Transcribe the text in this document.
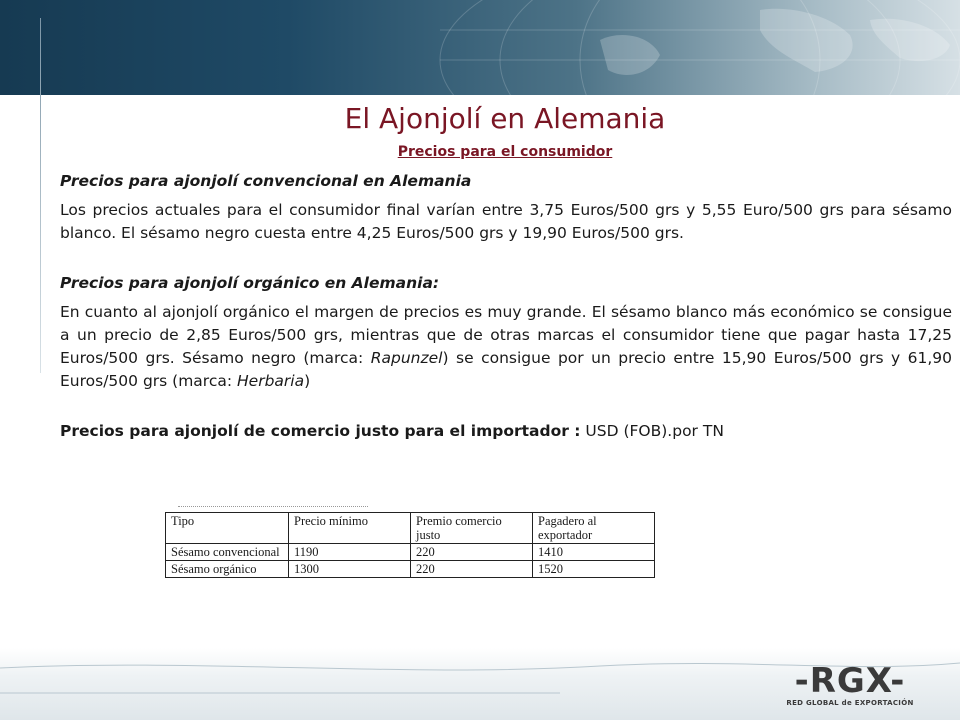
El Ajonjolí en Alemania
Precios para el consumidor

Precios para ajonjolí convencional en Alemania

Los precios actuales para el consumidor final varían entre 3,75 Euros/500 grs y 5,55 Euro/500 grs para sésamo blanco. El sésamo negro cuesta entre 4,25 Euros/500 grs y 19,90 Euros/500 grs.

Precios para ajonjolí orgánico en Alemania:

En cuanto al ajonjolí orgánico el margen de precios es muy grande. El sésamo blanco más económico se consigue a un precio de 2,85 Euros/500 grs, mientras que de otras marcas el consumidor tiene que pagar hasta 17,25 Euros/500 grs. Sésamo negro (marca: Rapunzel) se consigue por un precio entre 15,90 Euros/500 grs y 61,90 Euros/500 grs (marca: Herbaria)

Precios para ajonjolí de comercio justo para el importador : USD (FOB).por TN

Tipo	Precio mínimo	Premio comercio justo	Pagadero al exportador
Sésamo convencional	1190	220	1410
Sésamo orgánico	1300	220	1520
-RGX-
RED GLOBAL de EXPORTACIÓN
